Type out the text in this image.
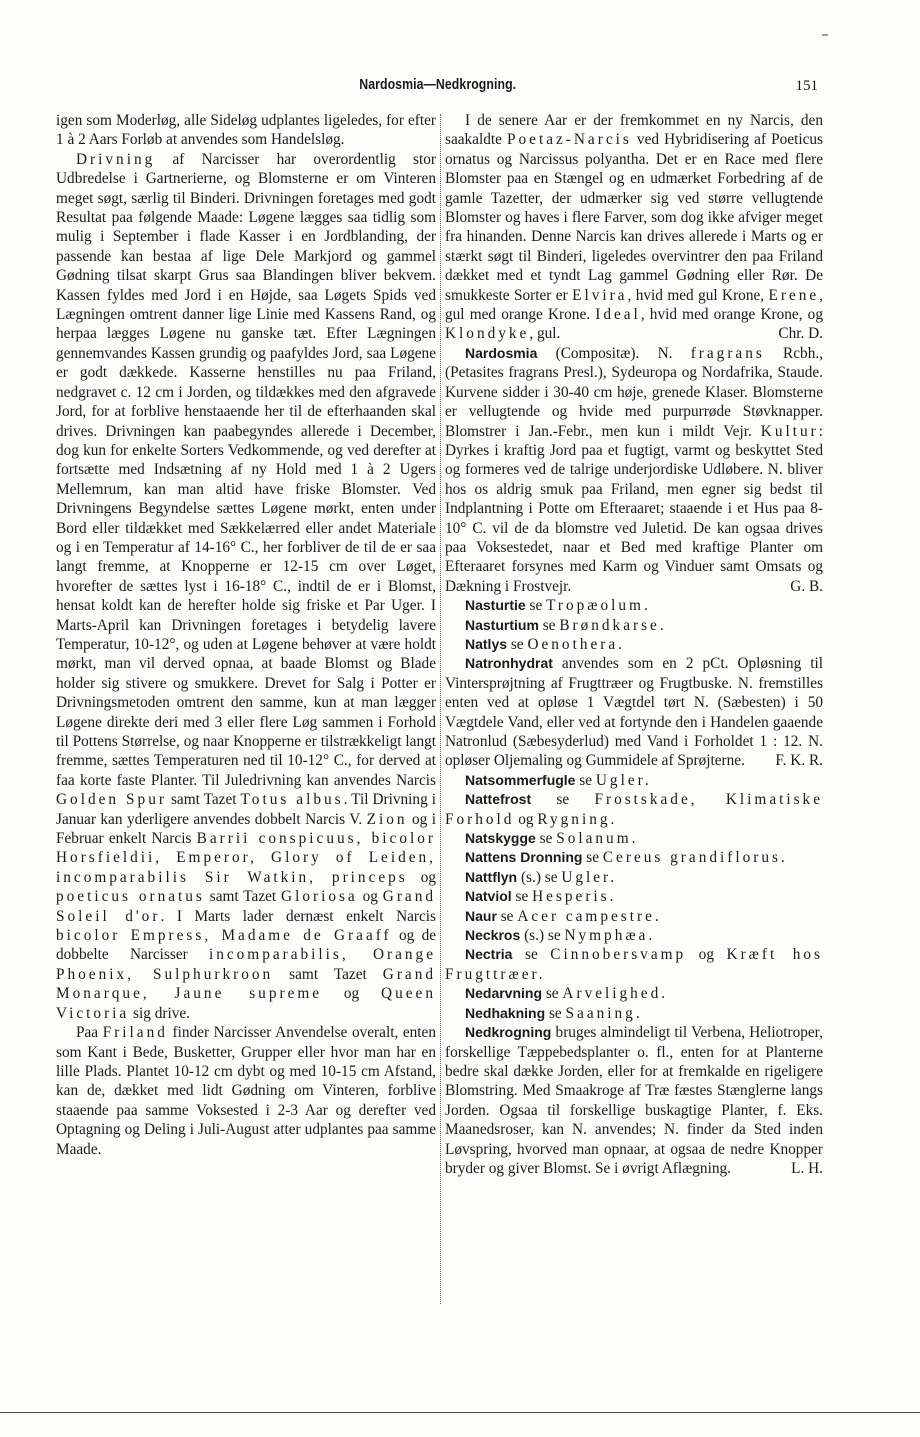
Nardosmia—Nedkrogning.	151

igen som Moderløg, alle Sideløg udplantes ligeledes, for efter 1 à 2 Aars Forløb at anvendes som Handelsløg.

Drivning af Narcisser har overordentlig stor Udbredelse i Gartnerierne, og Blomsterne er om Vinteren meget søgt, særlig til Binderi. Drivningen foretages med godt Resultat paa følgende Maade: Løgene lægges saa tidlig som mulig i September i flade Kasser i en Jordblanding, der passende kan bestaa af lige Dele Markjord og gammel Gødning tilsat skarpt Grus saa Blandingen bliver bekvem. Kassen fyldes med Jord i en Højde, saa Løgets Spids ved Lægningen omtrent danner lige Linie med Kassens Rand, og herpaa lægges Løgene nu ganske tæt. Efter Lægningen gennemvandes Kassen grundig og paafyldes Jord, saa Løgene er godt dækkede. Kasserne henstilles nu paa Friland, nedgravet c. 12 cm i Jorden, og tildækkes med den afgravede Jord, for at forblive henstaaende her til de efterhaanden skal drives. Drivningen kan paabegyndes allerede i December, dog kun for enkelte Sorters Vedkommende, og ved derefter at fortsætte med Indsætning af ny Hold med 1 à 2 Ugers Mellemrum, kan man altid have friske Blomster. Ved Drivningens Begyndelse sættes Løgene mørkt, enten under Bord eller tildækket med Sækkelærred eller andet Materiale og i en Temperatur af 14-16° C., her forbliver de til de er saa langt fremme, at Knopperne er 12-15 cm over Løget, hvorefter de sættes lyst i 16-18° C., indtil de er i Blomst, hensat koldt kan de herefter holde sig friske et Par Uger. I Marts-April kan Drivningen foretages i betydelig lavere Temperatur, 10-12°, og uden at Løgene behøver at være holdt mørkt, man vil derved opnaa, at baade Blomst og Blade holder sig stivere og smukkere. Drevet for Salg i Potter er Drivningsmetoden omtrent den samme, kun at man lægger Løgene direkte deri med 3 eller flere Løg sammen i Forhold til Pottens Størrelse, og naar Knopperne er tilstrækkeligt langt fremme, sættes Temperaturen ned til 10-12° C., for derved at faa korte faste Planter. Til Juledrivning kan anvendes Narcis Golden Spur samt Tazet Totus albus. Til Drivning i Januar kan yderligere anvendes dobbelt Narcis V. Zion og i Februar enkelt Narcis Barrii conspicuus, bicolor Horsfieldii, Emperor, Glory of Leiden, incomparabilis Sir Watkin, princeps og poeticus ornatus samt Tazet Gloriosa og Grand Soleil d'or. I Marts lader dernæst enkelt Narcis bicolor Empress, Madame de Graaff og de dobbelte Narcisser incomparabilis, Orange Phoenix, Sulphurkroon samt Tazet Grand Monarque, Jaune supreme og Queen Victoria sig drive.

Paa Friland finder Narcisser Anvendelse overalt, enten som Kant i Bede, Busketter, Grupper eller hvor man har en lille Plads. Plantet 10-12 cm dybt og med 10-15 cm Afstand, kan de, dækket med lidt Gødning om Vinteren, forblive staaende paa samme Voksested i 2-3 Aar og derefter ved Optagning og Deling i Juli-August atter udplantes paa samme Maade.

I de senere Aar er der fremkommet en ny Narcis, den saakaldte Poetaz-Narcis ved Hybridisering af Poeticus ornatus og Narcissus polyantha. Det er en Race med flere Blomster paa en Stængel og en udmærket Forbedring af de gamle Tazetter, der udmærker sig ved større vellugtende Blomster og haves i flere Farver, som dog ikke afviger meget fra hinanden. Denne Narcis kan drives allerede i Marts og er stærkt søgt til Binderi, ligeledes overvintrer den paa Friland dækket med et tyndt Lag gammel Gødning eller Rør. De smukkeste Sorter er Elvira, hvid med gul Krone, Erene, gul med orange Krone. Ideal, hvid med orange Krone, og Klondyke, gul.	Chr. D.

Nardosmia (Compositæ). N. fragrans Rcbh., (Petasites fragrans Presl.), Sydeuropa og Nordafrika, Staude. Kurvene sidder i 30-40 cm høje, grenede Klaser. Blomsterne er vellugtende og hvide med purpurrøde Støvknapper. Blomstrer i Jan.-Febr., men kun i mildt Vejr. Kultur: Dyrkes i kraftig Jord paa et fugtigt, varmt og beskyttet Sted og formeres ved de talrige underjordiske Udløbere. N. bliver hos os aldrig smuk paa Friland, men egner sig bedst til Indplantning i Potte om Efteraaret; staaende i et Hus paa 8-10° C. vil de da blomstre ved Juletid. De kan ogsaa drives paa Voksestedet, naar et Bed med kraftige Planter om Efteraaret forsynes med Karm og Vinduer samt Omsats og Dækning i Frostvejr.	G. B.

Nasturtie se Tropæolum.

Nasturtium se Brøndkarse.

Natlys se Oenothera.

Natronhydrat anvendes som en 2 pCt. Opløsning til Vintersprøjtning af Frugttræer og Frugtbuske. N. fremstilles enten ved at opløse 1 Vægtdel tørt N. (Sæbesten) i 50 Vægtdele Vand, eller ved at fortynde den i Handelen gaaende Natronlud (Sæbesyderlud) med Vand i Forholdet 1 : 12. N. opløser Oljemaling og Gummidele af Sprøjterne.	F. K. R.

Natsommerfugle se Ugler.

Nattefrost se Frostskade, Klimatiske Forhold og Rygning.

Natskygge se Solanum.

Nattens Dronning se Cereus grandiflorus.

Nattflyn (s.) se Ugler.

Natviol se Hesperis.

Naur se Acer campestre.

Neckros (s.) se Nymphæa.

Nectria se Cinnobersvamp og Kræft hos Frugttræer.

Nedarvning se Arvelighed.

Nedhakning se Saaning.

Nedkrogning bruges almindeligt til Verbena, Heliotroper, forskellige Tæppebedsplanter o. fl., enten for at Planterne bedre skal dække Jorden, eller for at fremkalde en rigeligere Blomstring. Med Smaakroge af Træ fæstes Stænglerne langs Jorden. Ogsaa til forskellige buskagtige Planter, f. Eks. Maanedsroser, kan N. anvendes; N. finder da Sted inden Løvspring, hvorved man opnaar, at ogsaa de nedre Knopper bryder og giver Blomst. Se i øvrigt Aflægning.	L. H.
